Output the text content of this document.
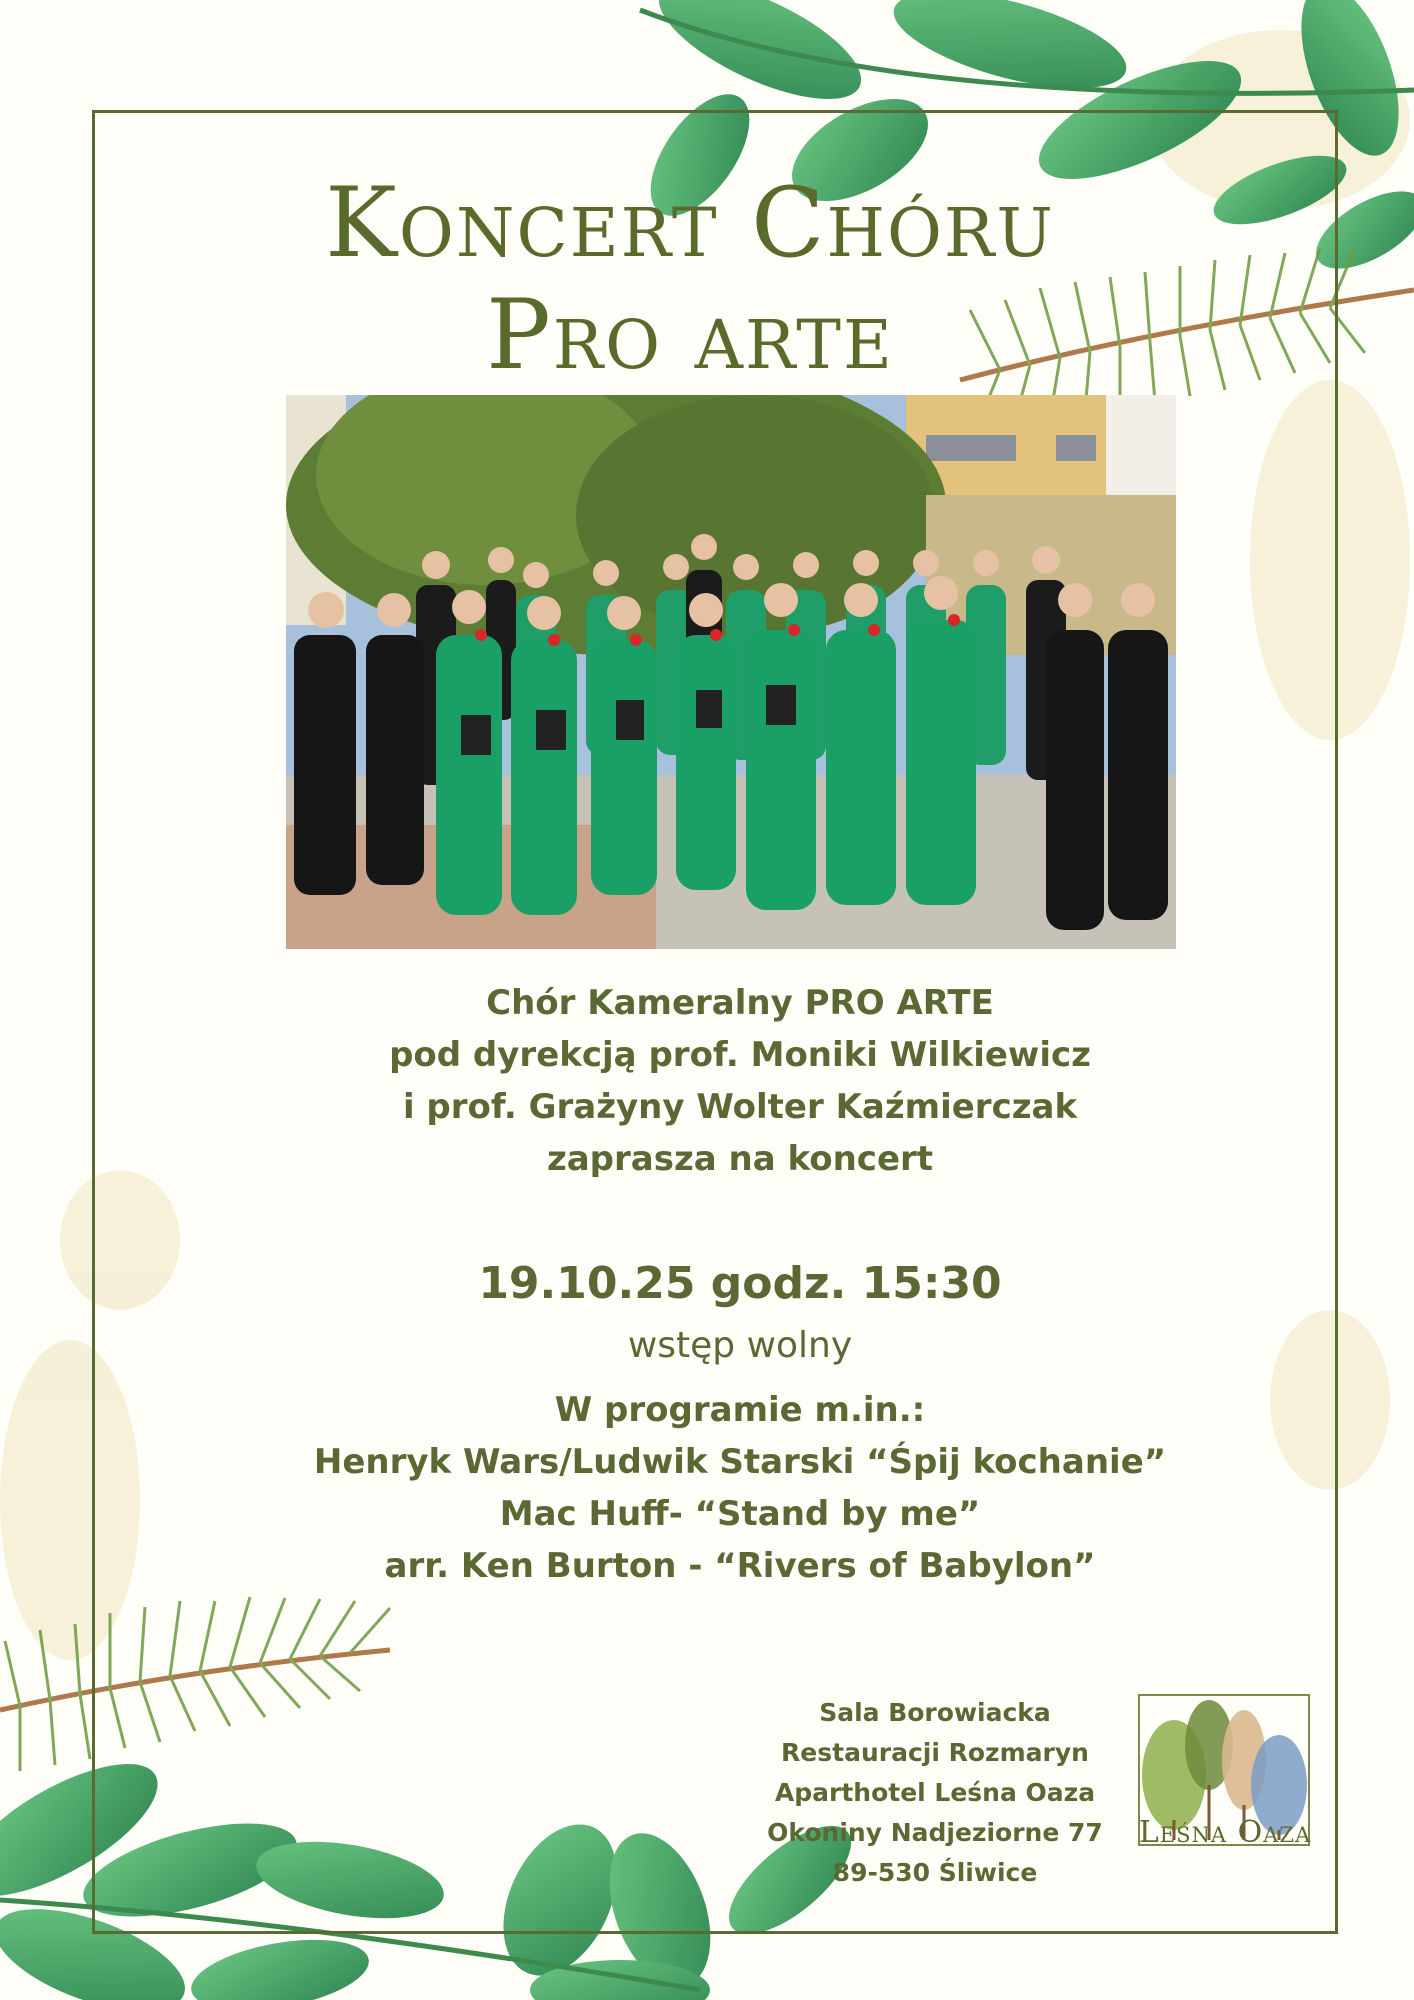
Koncert Chóru
Pro arte

Chór Kameralny PRO ARTE

pod dyrekcją prof. Moniki Wilkiewicz

i prof. Grażyny Wolter Kaźmierczak

zaprasza na koncert

19.10.25 godz. 15:30

wstęp wolny

W programie m.in.:

Henryk Wars/Ludwik Starski “Śpij kochanie”

Mac Huff- “Stand by me”

arr. Ken Burton - “Rivers of Babylon”

Sala Borowiacka

Restauracji Rozmaryn

Aparthotel Leśna Oaza

Okoniny Nadjeziorne 77

89-530 Śliwice

Leśna Oaza
